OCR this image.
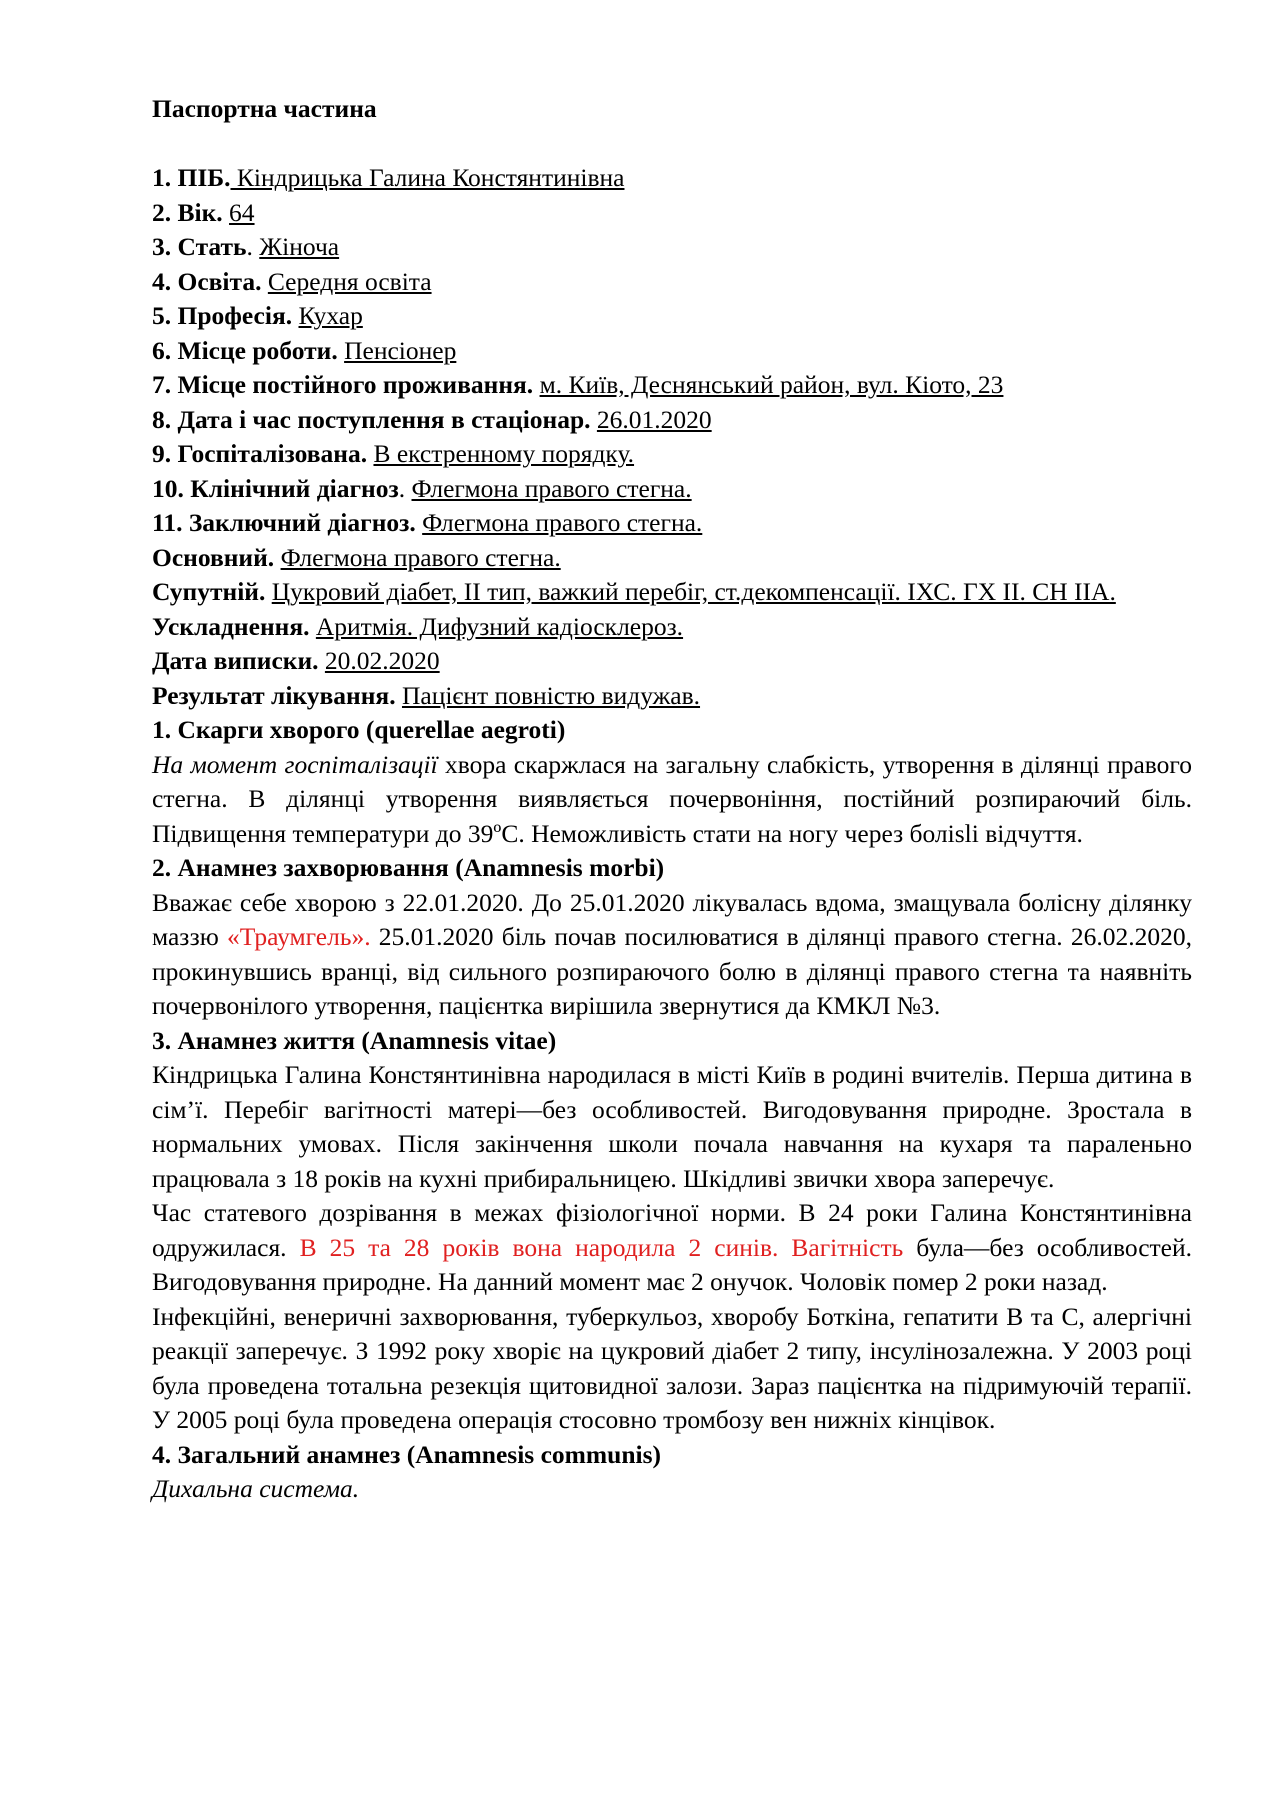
Паспортна частина

1. ПІБ. Кіндрицька Галина Констянтинівна

2. Вік. 64

3. Стать. Жіноча

4. Освіта. Середня освіта

5. Професія. Кухар

6. Місце роботи. Пенсіонер

7. Місце постійного проживання. м. Київ, Деснянський район, вул. Кіото, 23

8. Дата і час поступлення в стаціонар. 26.01.2020

9. Госпіталізована. В екстренному порядку.

10. Клінічний діагноз. Флегмона правого стегна.

11. Заключний діагноз. Флегмона правого стегна.

Основний. Флегмона правого стегна.

Супутній. Цукровий діабет, ІІ тип, важкий перебіг, ст.декомпенсації. ІХС. ГХ ІІ. СН ІІА.

Ускладнення. Аритмія. Дифузний кадіосклероз.

Дата виписки. 20.02.2020

Результат лікування. Пацієнт повністю видужав.

1. Скарги хворого (querellae aegroti)

На момент госпіталізації хвора скаржлася на загальну слабкість, утворення в ділянці правого стегна. В ділянці утворення виявляється почервоніння, постійний розпираючий біль. Підвищення температури до 39ºС. Неможливість стати на ногу через болislі відчуття.

2. Анамнез захворювання (Anamnesis morbi)

Вважає себе хворою з 22.01.2020. До 25.01.2020 лікувалась вдома, змащувала болісну ділянку маззю «Траумгель». 25.01.2020 біль почав посилюватися в ділянці правого стегна. 26.02.2020, прокинувшись вранці, від сильного розпираючого болю в ділянці правого стегна та наявніть почервонілого утворення, пацієнтка вирішила звернутися да КМКЛ №3.

3. Анамнез життя (Anamnesis vitae)

Кіндрицька Галина Констянтинівна народилася в місті Київ в родині вчителів. Перша дитина в сім’ї. Перебіг вагітності матері—без особливостей. Вигодовування природне. Зростала в нормальних умовах. Після закінчення школи почала навчання на кухаря та параленьно працювала з 18 років на кухні прибиральницею. Шкідливі звички хвора заперечує.

Час статевого дозрівання в межах фізіологічної норми. В 24 роки Галина Констянтинівна одружилася. В 25 та 28 років вона народила 2 синів. Вагітність була—без особливостей. Вигодовування природне. На данний момент має 2 онучок. Чоловік помер 2 роки назад.

Інфекційні, венеричні захворювання, туберкульоз, хворобу Боткіна, гепатити В та С, алергічні реакції заперечує. З 1992 року хворіє на цукровий діабет 2 типу, інсулінозалежна. У 2003 році була проведена тотальна резекція щитовидної залози. Зараз пацієнтка на підримуючій терапії. У 2005 році була проведена операція стосовно тромбозу вен нижніх кінцівок.

4. Загальний анамнез (Anamnesis communis)

Дихальна система.
